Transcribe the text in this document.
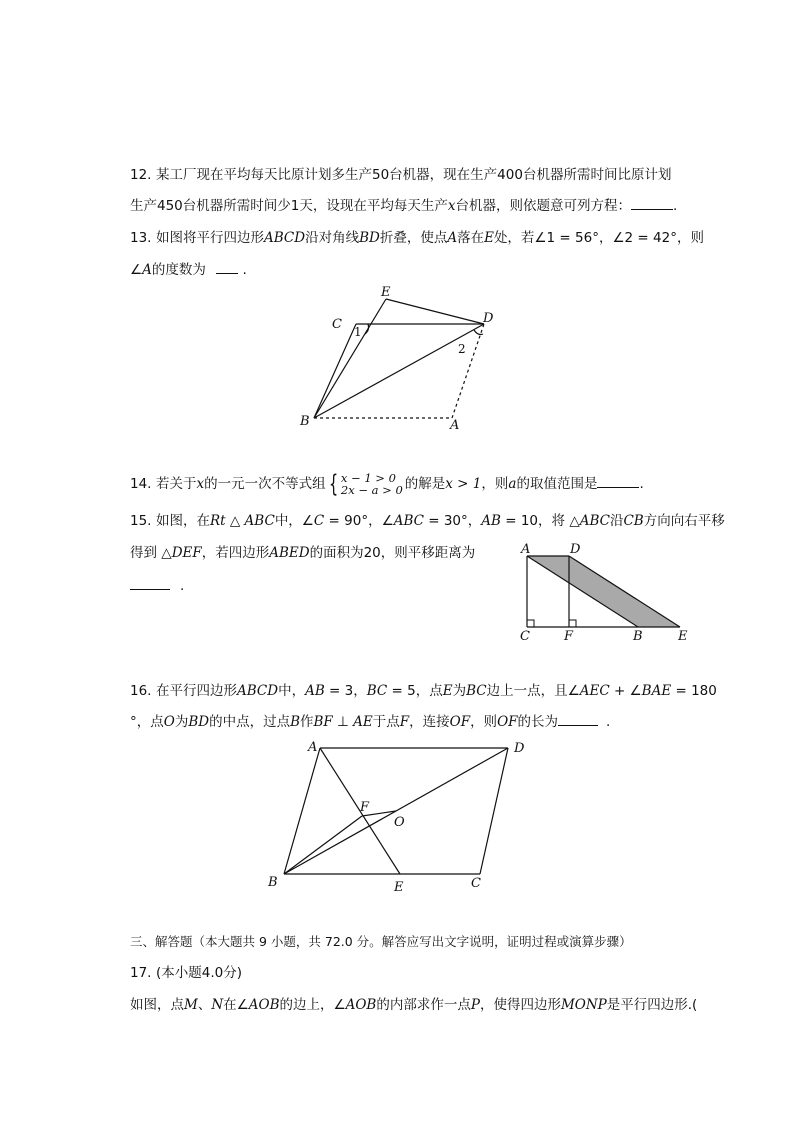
12. 某工厂现在平均每天比原计划多生产50台机器，现在生产400台机器所需时间比原计划
生产450台机器所需时间少1天，设现在平均每天生产x台机器，则依题意可列方程：	.
13. 如图将平行四边形ABCD沿对角线BD折叠，使点A落在E处，若∠1 = 56°，∠2 = 42°，则
∠A的度数为	.
E
C	D
1
2
B	A
14. 若关于x的一元一次不等式组 { x − 1 > 0
2x − a > 0 的解是x > 1，则a的取值范围是	.
15. 如图，在Rt △ ABC中，∠C = 90°，∠ABC = 30°，AB = 10，将 △ABC沿CB方向向右平移
得到 △DEF，若四边形ABED的面积为20，则平移距离为
.
A	D
C	F	B	E
16. 在平行四边形ABCD中，AB = 3，BC = 5，点E为BC边上一点，且∠AEC + ∠BAE = 180
°，点O为BD的中点，过点B作BF ⊥ AE于点F，连接OF，则OF的长为	.
A	D
F
O
B	E	C
三、解答题（本大题共 9 小题，共 72.0 分。解答应写出文字说明，证明过程或演算步骤）
17. (本小题4.0分)
如图，点M、N在∠AOB的边上，∠AOB的内部求作一点P，使得四边形MONP是平行四边形.(
